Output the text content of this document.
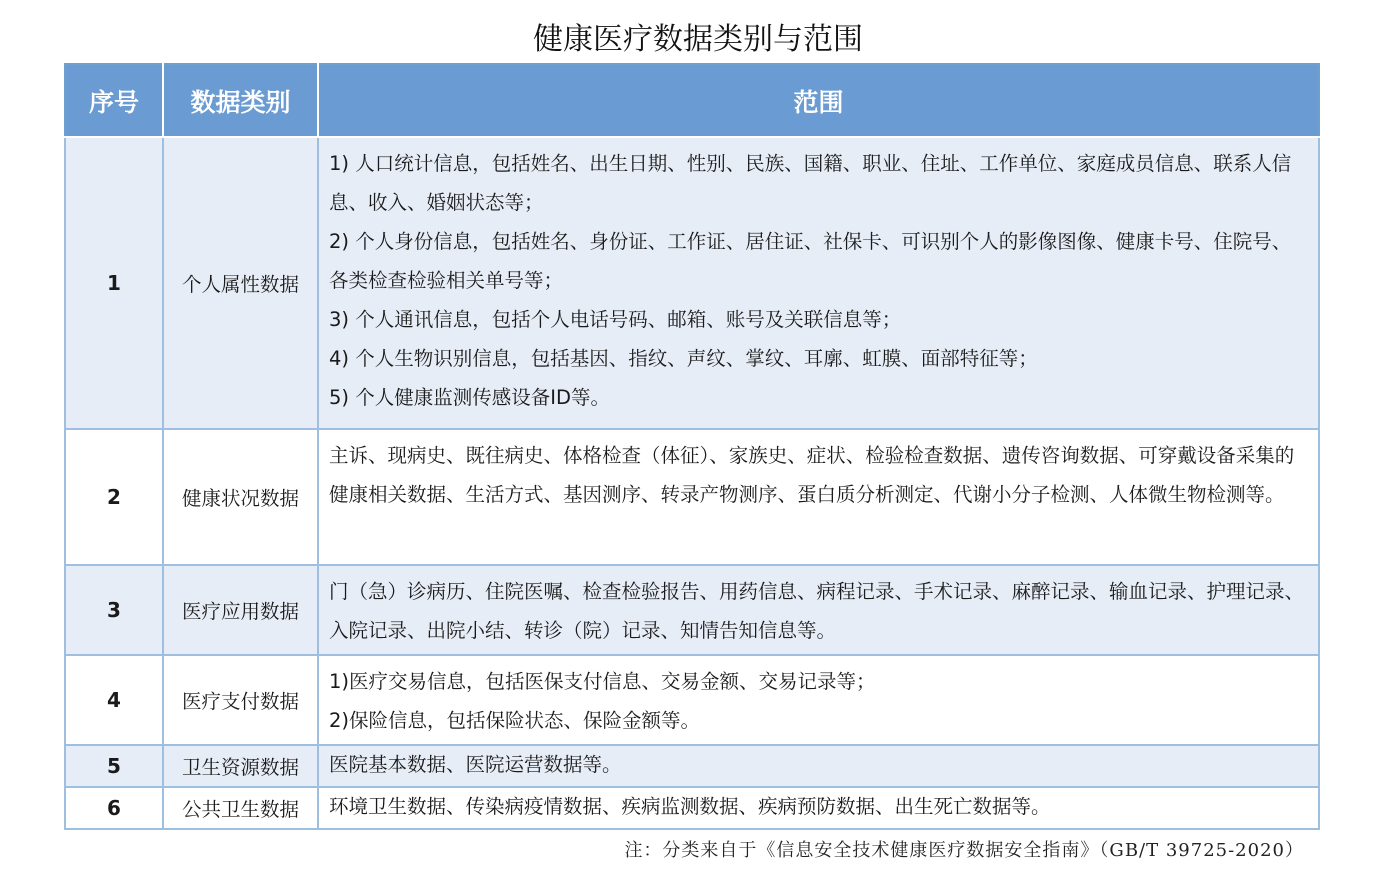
健康医疗数据类别与范围
序号	数据类别	范围
1	个人属性数据	1) 人口统计信息，包括姓名、出生日期、性别、民族、国籍、职业、住址、工作单位、家庭成员信息、联系人信息、收入、婚姻状态等；
2) 个人身份信息，包括姓名、身份证、工作证、居住证、社保卡、可识别个人的影像图像、健康卡号、住院号、各类检查检验相关单号等；
3) 个人通讯信息，包括个人电话号码、邮箱、账号及关联信息等；
4) 个人生物识别信息，包括基因、指纹、声纹、掌纹、耳廓、虹膜、面部特征等；
5) 个人健康监测传感设备ID等。

2	健康状况数据	主诉、现病史、既往病史、体格检查（体征）、家族史、症状、检验检查数据、遗传咨询数据、可穿戴设备采集的健康相关数据、生活方式、基因测序、转录产物测序、蛋白质分析测定、代谢小分子检测、人体微生物检测等。

3	医疗应用数据	门（急）诊病历、住院医嘱、检查检验报告、用药信息、病程记录、手术记录、麻醉记录、输血记录、护理记录、入院记录、出院小结、转诊（院）记录、知情告知信息等。

4	医疗支付数据	1)医疗交易信息，包括医保支付信息、交易金额、交易记录等；
2)保险信息，包括保险状态、保险金额等。

5	卫生资源数据	医院基本数据、医院运营数据等。

6	公共卫生数据	环境卫生数据、传染病疫情数据、疾病监测数据、疾病预防数据、出生死亡数据等。
注：分类来自于《信息安全技术健康医疗数据安全指南》（GB/T 39725-2020）
